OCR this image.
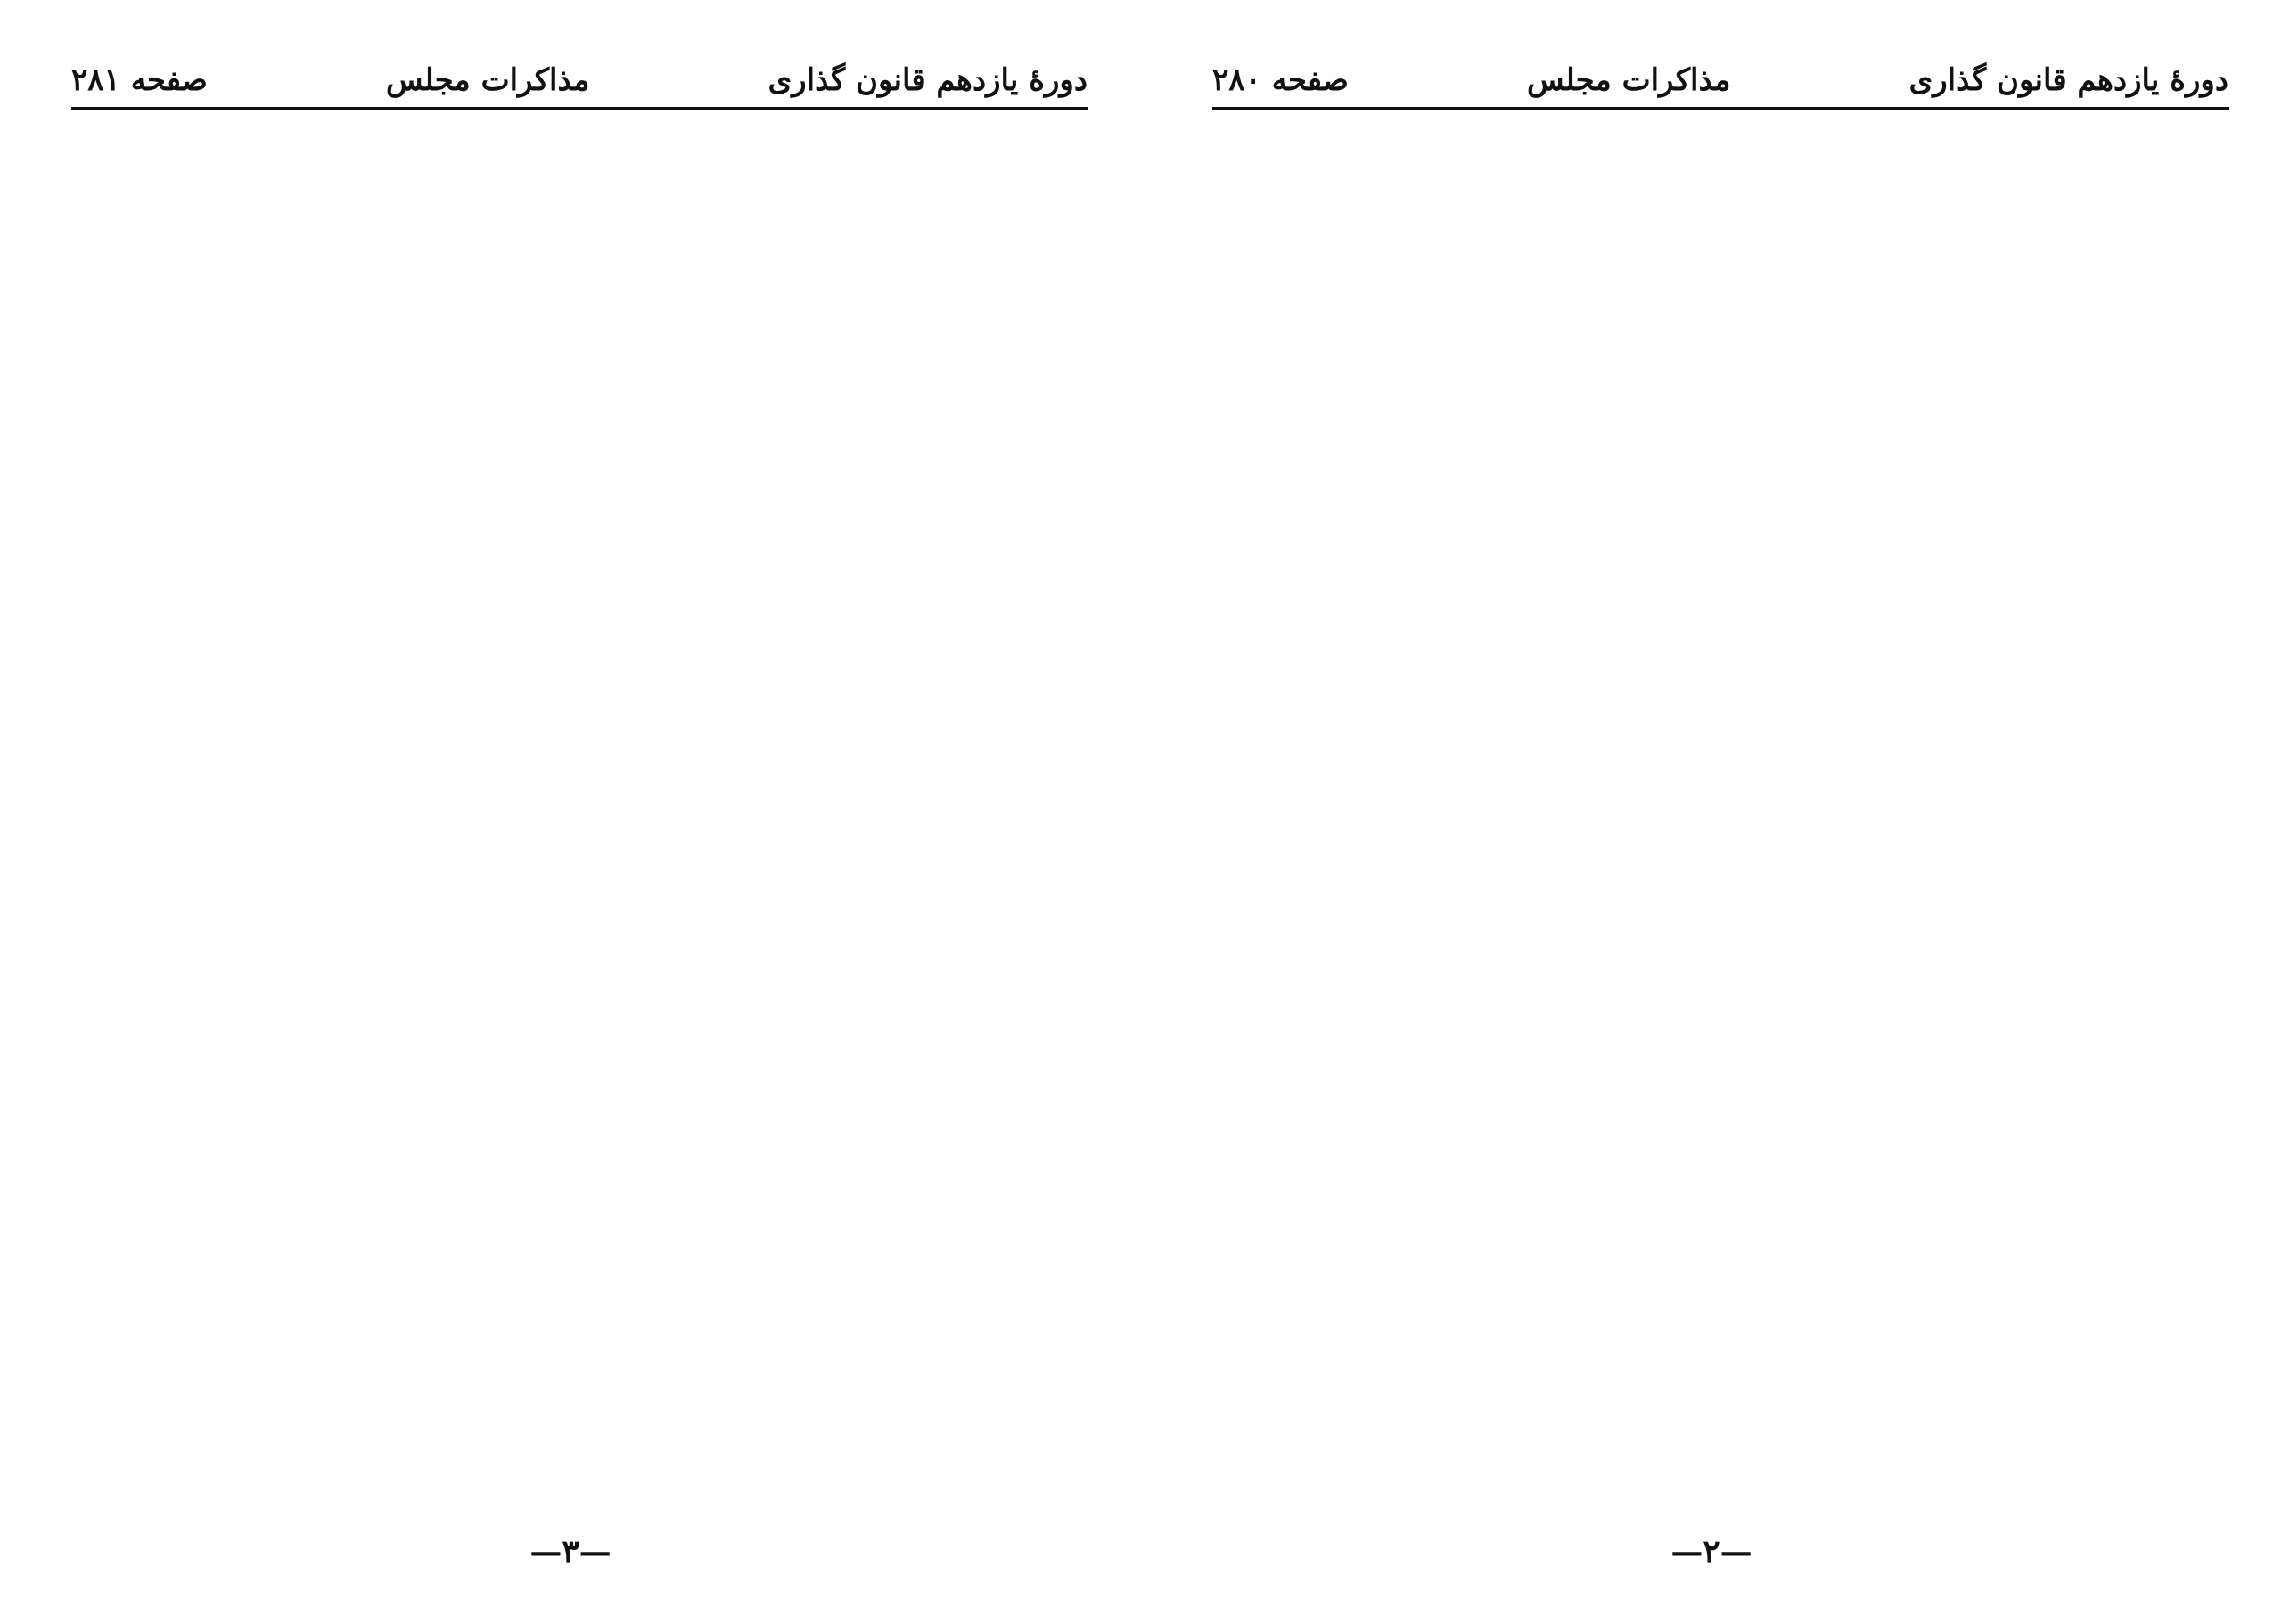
دورهٔ یازدهم قانون گذاری
مذاکرات مجلس
صفحه ۲۸۱
—۳—
دورهٔ یازدهم قانون گذاری
مذاکرات مجلس
صفحه ۲۸۰
—۲—
